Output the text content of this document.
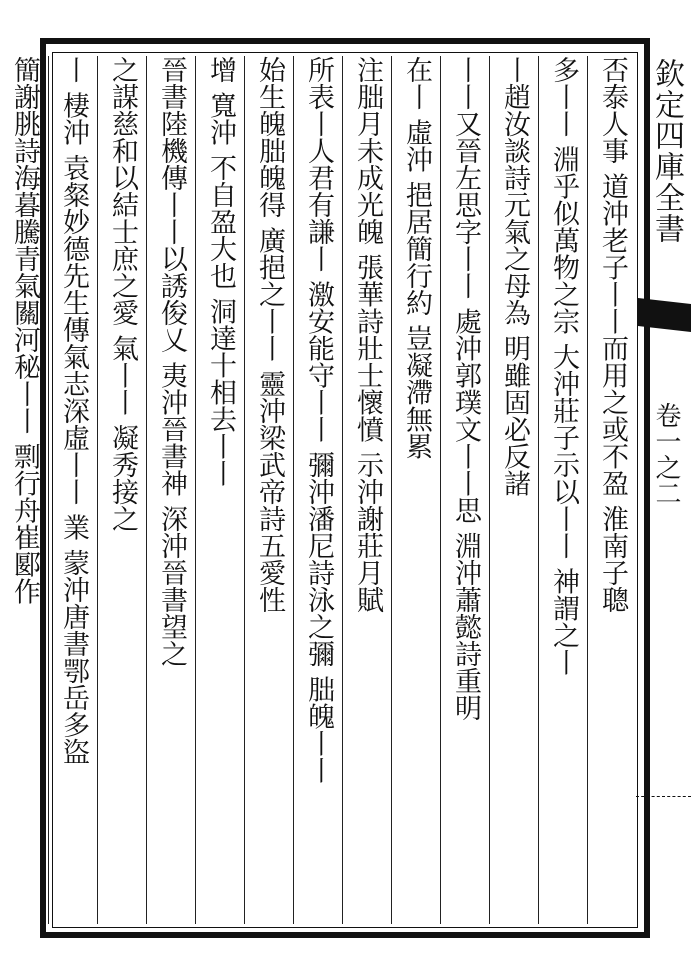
欽定四庫全書
卷一之二
否泰人事 道沖老子丨丨而用之或不盈 淮南子聰
多丨丨 淵乎似萬物之宗 大沖莊子示以丨丨 神謂之丨
丨趙汝談詩元氣之母為 明雖固必反諸
丨丨又晉左思字丨丨 處沖郭璞文丨丨思 淵沖蕭懿詩重明
在丨 虛沖 挹居簡行約 豈凝滯無累
注朏月未成光魄 張華詩壯士懷憤 示沖謝莊月賦
所表丨人君有謙丨 激安能守丨丨 彌沖潘尼詩泳之彌 朏魄丨丨
始生魄朏魄得 廣挹之丨丨 靈沖梁武帝詩五愛性
增 寬沖 不自盈大也 洞達十相去丨丨
晉書陸機傳丨丨以誘俊乂 夷沖晉書神 深沖晉書望之
之謀慈和以結士庶之愛 氣丨丨 凝秀接之
丨 棲沖 袁粲妙德先生傳氣志深虛丨丨 業 蒙沖唐書鄂岳多盜
簡謝朓詩海暮騰青氣關河秘丨丨 剽行舟崔郾作
